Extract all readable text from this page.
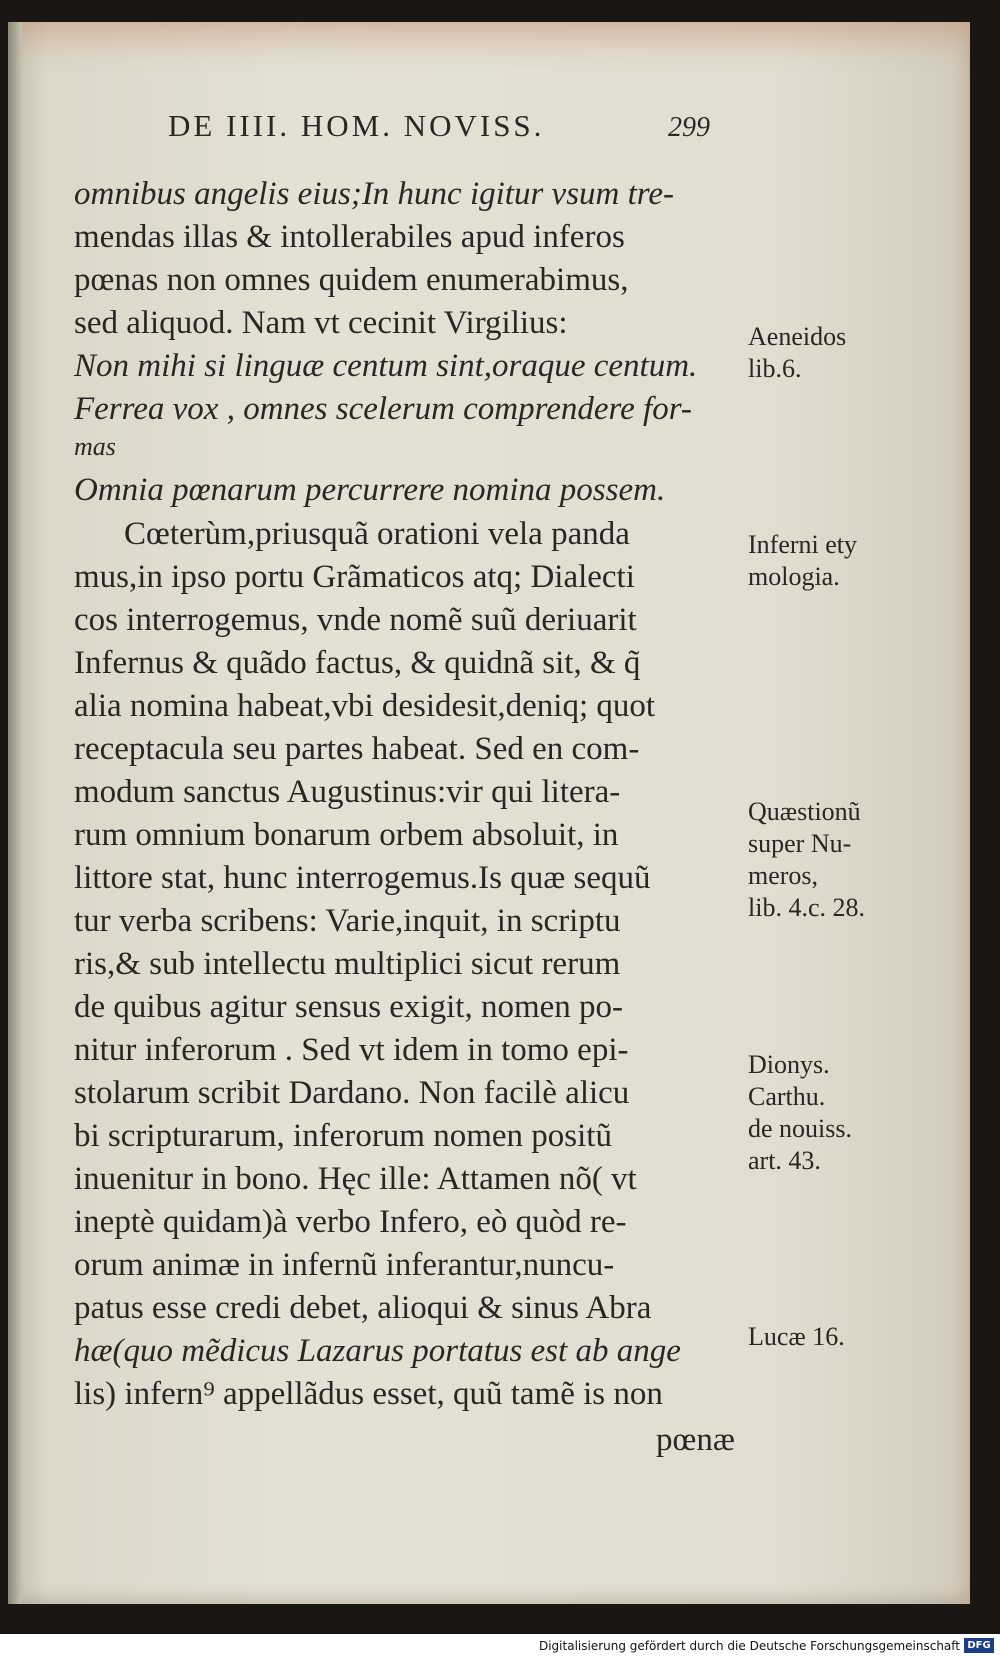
DE IIII. HOM. NOVISS.	299
omnibus angelis eius;In hunc igitur vsum tre-
mendas illas & intollerabiles apud inferos
pœnas non omnes quidem enumerabimus,
sed aliquod. Nam vt cecinit Virgilius:
Non mihi si linguæ centum sint,oraque centum.
Ferrea vox , omnes scelerum comprendere for-
mas
Omnia pœnarum percurrere nomina possem.
Cœterùm,priusquã orationi vela panda
mus,in ipso portu Grãmaticos atq; Dialecti
cos interrogemus, vnde nomẽ suũ deriuarit
Infernus & quãdo factus, & quidnã sit, & q̃
alia nomina habeat,vbi desidesit,deniq; quot
receptacula seu partes habeat. Sed en com-
modum sanctus Augustinus:vir qui litera-
rum omnium bonarum orbem absoluit, in
littore stat, hunc interrogemus.Is quæ sequũ
tur verba scribens: Varie,inquit, in scriptu
ris,& sub intellectu multiplici sicut rerum
de quibus agitur sensus exigit, nomen po-
nitur inferorum . Sed vt idem in tomo epi-
stolarum scribit Dardano. Non facilè alicu
bi scripturarum, inferorum nomen positũ
inuenitur in bono. Hęc ille: Attamen nõ( vt
ineptè quidam)à verbo Infero, eò quòd re-
orum animæ in infernũ inferantur,nuncu-
patus esse credi debet, alioqui & sinus Abra
hæ(quo mẽdicus Lazarus portatus est ab ange
lis) infern⁹ appellãdus esset, quũ tamẽ is non
pœnæ
Aeneidos
lib.6.
Inferni ety
mologia.
Quæstionũ
super Nu-
meros,
lib. 4.c. 28.
Dionys.
Carthu.
de nouiss.
art. 43.
Lucæ 16.
Digitalisierung gefördert durch die Deutsche Forschungsgemeinschaft DFG
